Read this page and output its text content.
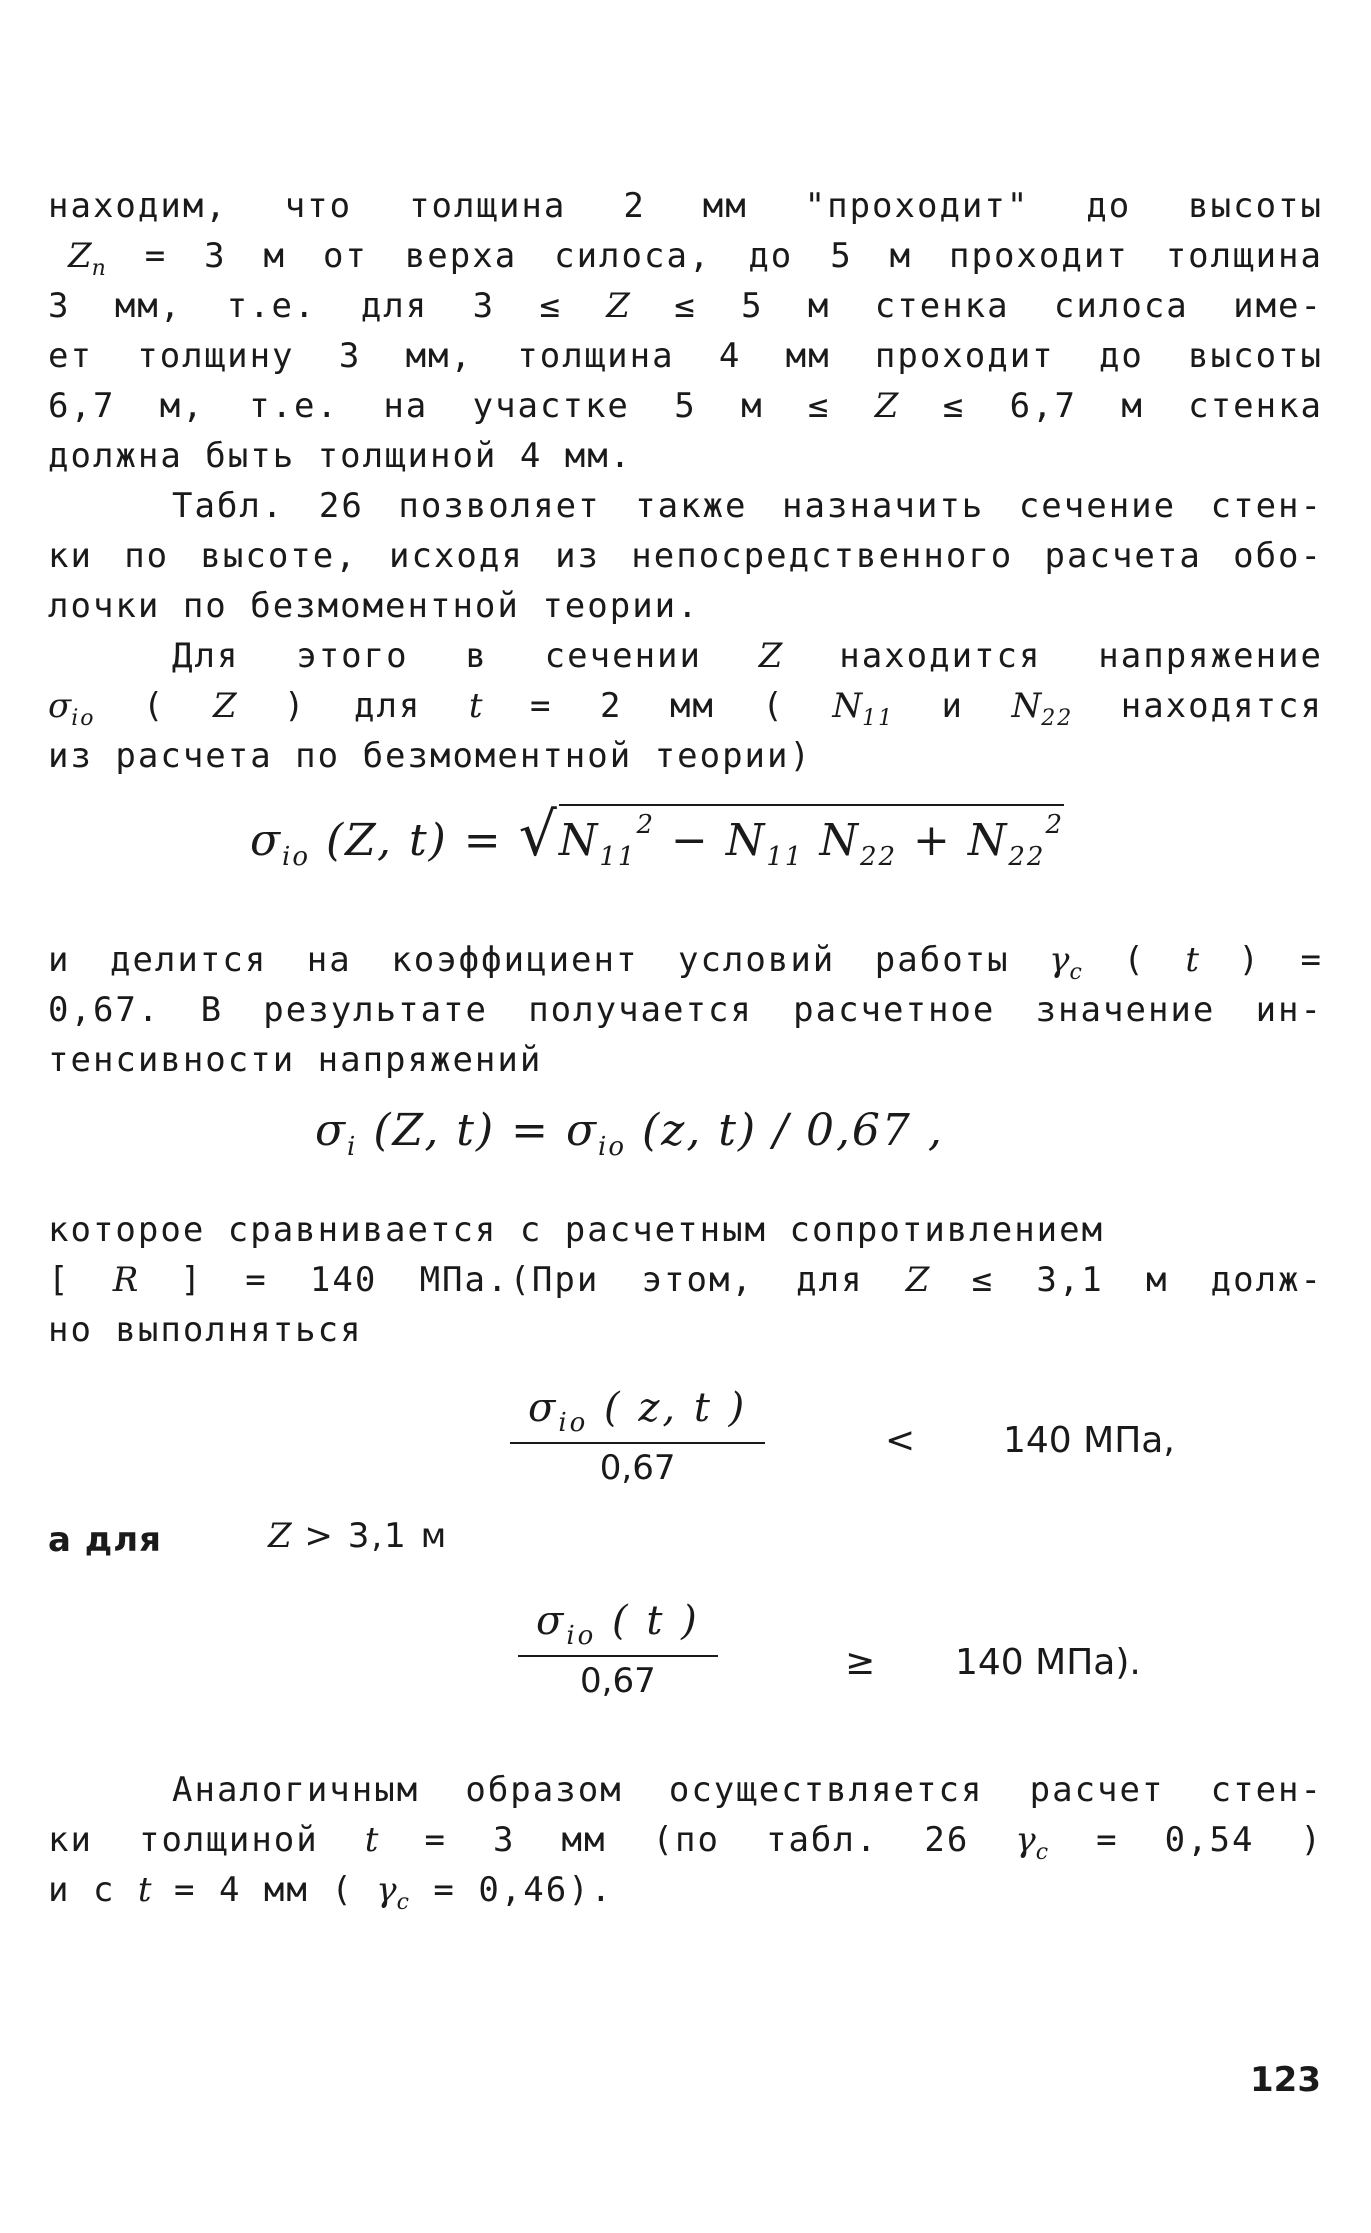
находим, что толщина 2 мм "проходит" до высоты
$Z_n = 3$ м от верха силоса, до 5 м проходит толщина
3 мм, т.е. для 3 ≤ Z ≤ 5 м стенка силоса име-
ет толщину 3 мм, толщина 4 мм проходит до высоты
6,7 м, т.е. на участке 5 м ≤ Z ≤ 6,7 м стенка
должна быть толщиной 4 мм.
Табл. 26 позволяет также назначить сечение стен-
ки по высоте, исходя из непосредственного расчета обо-
лочки по безмоментной теории.
Для этого в сечении Z находится напряжение
$\sigma_{io}$ ( Z ) для t = 2 мм ( $N_{11}$ и $N_{22}$ находятся
из расчета по безмоментной теории)
$\sigma_{io}$ (Z, $t) = √N_{11}^2 - N_{11}$ $N_{22} + N_{22}^2$
и делится на коэффициент условий работы $\gamma_c$ ( t ) =
0,67. В результате получается расчетное значение ин-
тенсивности напряжений
$\sigma_i$ (Z, $t) = \sigma_{io}$ (z, t) / 0,67 ,
которое сравнивается с расчетным сопротивлением
[ R ] = 140 МПа.(При этом, для Z ≤ 3,1 м долж-
но выполняться
$\sigma_{io}$ ( z, t )
0,67
< 140 МПа,
а для	Z > 3,1 м
$\sigma_{io}$ ( t )
0,67	≥ 140 МПа).
Аналогичным образом осуществляется расчет стен-
ки толщиной t = 3 мм (по табл. 26 $\gamma_c = 0,54$ )
и с t = 4 мм ( $\gamma_c = 0,46$).
123
